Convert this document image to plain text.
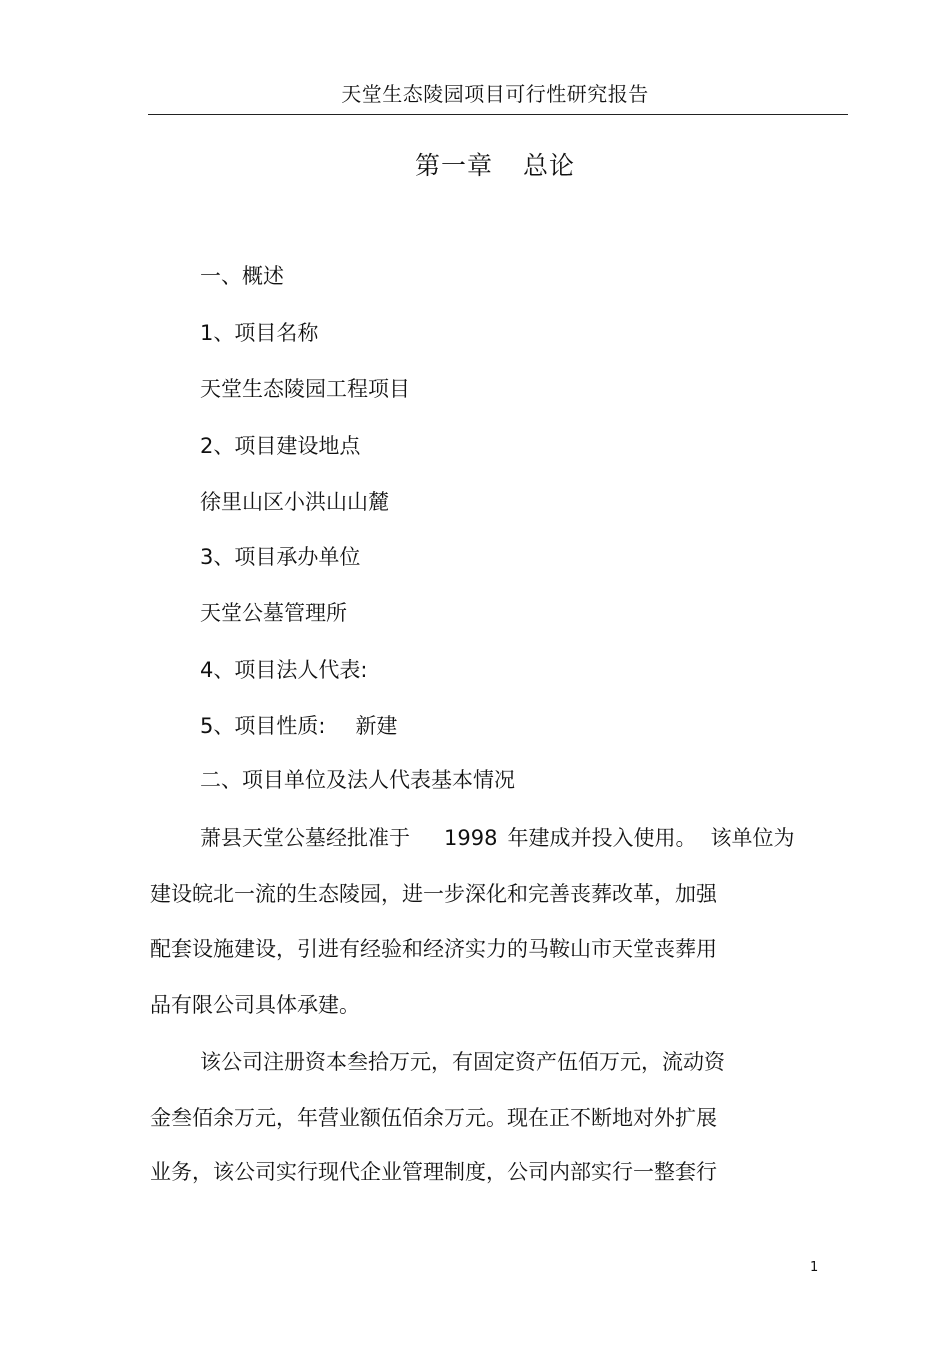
天堂生态陵园项目可行性研究报告
第一章 总论
一、概述
1、项目名称
天堂生态陵园工程项目
2、项目建设地点
徐里山区小洪山山麓
3、项目承办单位
天堂公墓管理所
4、项目法人代表:
5、项目性质: 新建
二、项目单位及法人代表基本情况
萧县天堂公墓经批准于 1998 年建成并投入使用。 该单位为
建设皖北一流的生态陵园，进一步深化和完善丧葬改革，加强
配套设施建设，引进有经验和经济实力的马鞍山市天堂丧葬用
品有限公司具体承建。
该公司注册资本叁拾万元，有固定资产伍佰万元，流动资
金叁佰余万元，年营业额伍佰余万元。现在正不断地对外扩展
业务，该公司实行现代企业管理制度，公司内部实行一整套行
1
